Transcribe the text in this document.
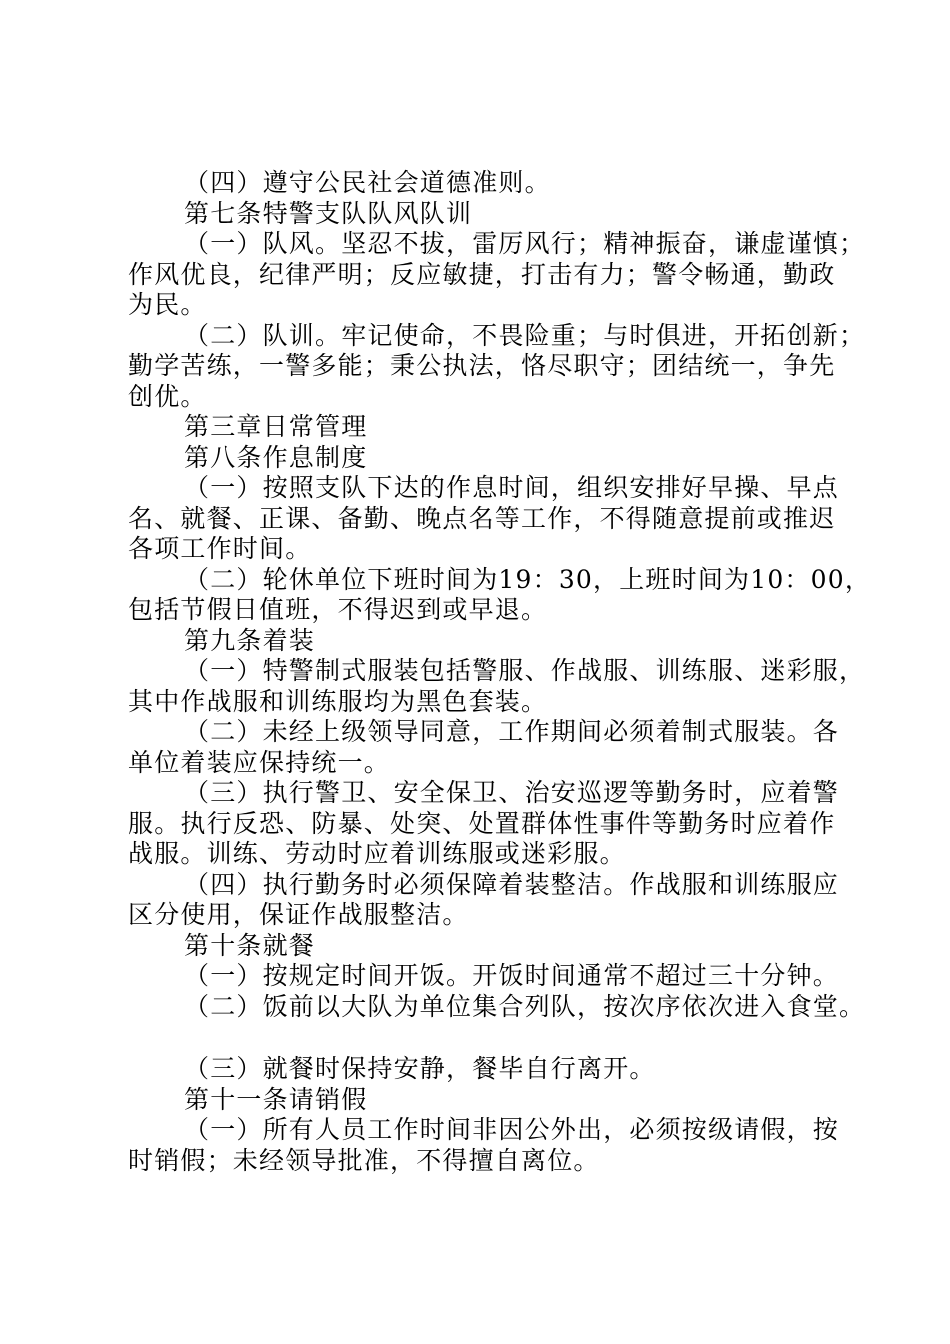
（四）遵守公民社会道德准则。
第七条特警支队队风队训
（一）队风。坚忍不拔，雷厉风行；精神振奋，谦虚谨慎；
作风优良，纪律严明；反应敏捷，打击有力；警令畅通，勤政
为民。
（二）队训。牢记使命，不畏险重；与时俱进，开拓创新；
勤学苦练，一警多能；秉公执法，恪尽职守；团结统一，争先
创优。
第三章日常管理
第八条作息制度
（一）按照支队下达的作息时间，组织安排好早操、早点
名、就餐、正课、备勤、晚点名等工作，不得随意提前或推迟
各项工作时间。
（二）轮休单位下班时间为19：30，上班时间为10：00，
包括节假日值班，不得迟到或早退。
第九条着装
（一）特警制式服装包括警服、作战服、训练服、迷彩服，
其中作战服和训练服均为黑色套装。
（二）未经上级领导同意，工作期间必须着制式服装。各
单位着装应保持统一。
（三）执行警卫、安全保卫、治安巡逻等勤务时，应着警
服。执行反恐、防暴、处突、处置群体性事件等勤务时应着作
战服。训练、劳动时应着训练服或迷彩服。
（四）执行勤务时必须保障着装整洁。作战服和训练服应
区分使用，保证作战服整洁。
第十条就餐
（一）按规定时间开饭。开饭时间通常不超过三十分钟。
（二）饭前以大队为单位集合列队，按次序依次进入食堂。
（三）就餐时保持安静，餐毕自行离开。
第十一条请销假
（一）所有人员工作时间非因公外出，必须按级请假，按
时销假；未经领导批准，不得擅自离位。
